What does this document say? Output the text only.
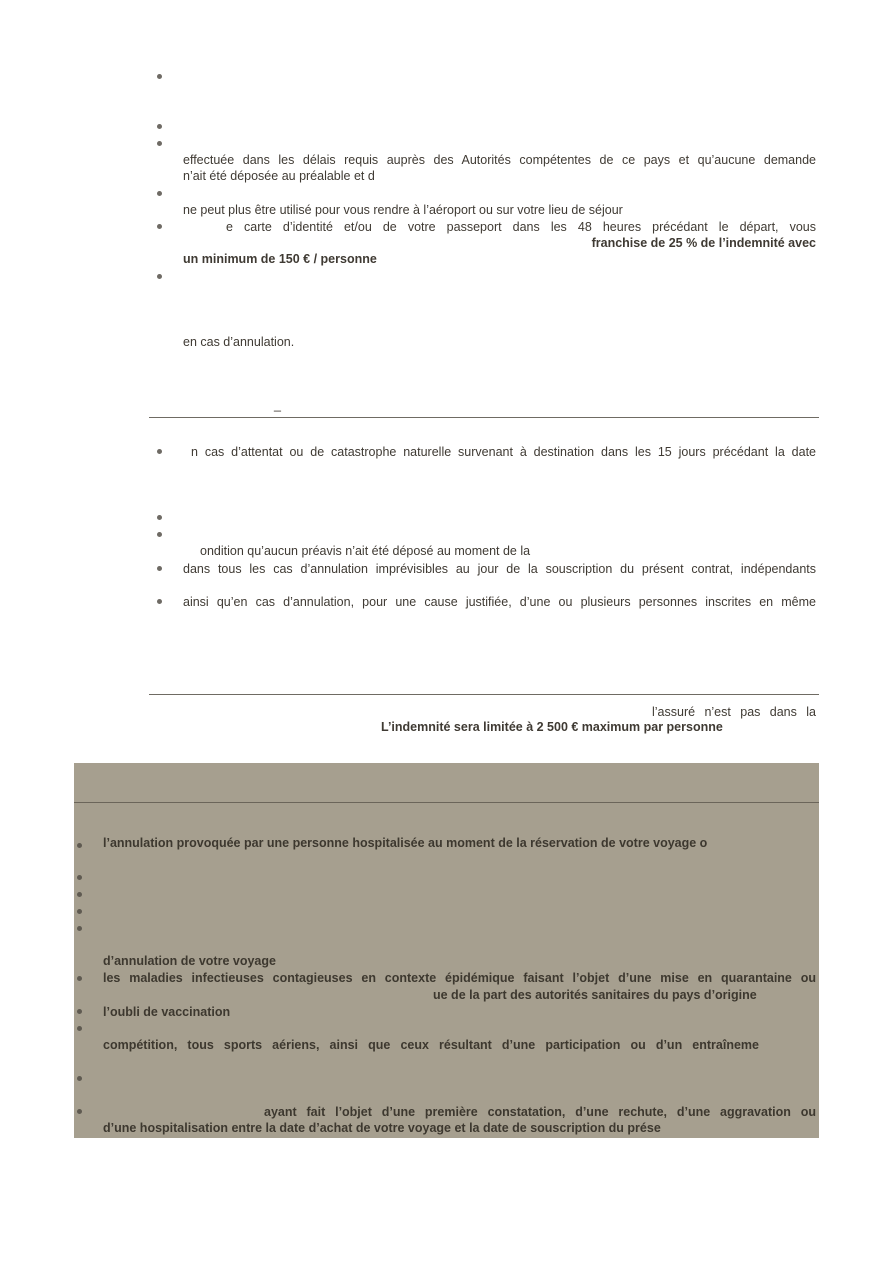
effectuée dans les délais requis auprès des Autorités compétentes de ce pays et qu’aucune demande
n’ait été déposée au préalable et d
ne peut plus être utilisé pour vous rendre à l’aéroport ou sur votre lieu de séjour
e carte d’identité et/ou de votre passeport dans les 48 heures précédant le départ, vous
franchise de 25 % de l’indemnité avec
un minimum de 150 € / personne
en cas d’annulation.
_
n cas d’attentat ou de catastrophe naturelle survenant à destination dans les 15 jours précédant la date
ondition qu’aucun préavis n’ait été déposé au moment de la
dans tous les cas d’annulation imprévisibles au jour de la souscription du présent contrat, indépendants
ainsi qu’en cas d’annulation, pour une cause justifiée, d’une ou plusieurs personnes inscrites en même
l’assuré n’est pas dans la
L’indemnité sera limitée à 2 500 € maximum par personne
l’annulation provoquée par une personne hospitalisée au moment de la réservation de votre voyage o
d’annulation de votre voyage
les maladies infectieuses contagieuses en contexte épidémique faisant l’objet d’une mise en quarantaine ou
ue de la part des autorités sanitaires du pays d’origine
l’oubli de vaccination
compétition, tous sports aériens, ainsi que ceux résultant d’une participation ou d’un entraîneme
ayant fait l’objet d’une première constatation, d’une rechute, d’une aggravation ou
d’une hospitalisation entre la date d’achat de votre voyage et la date de souscription du prése
